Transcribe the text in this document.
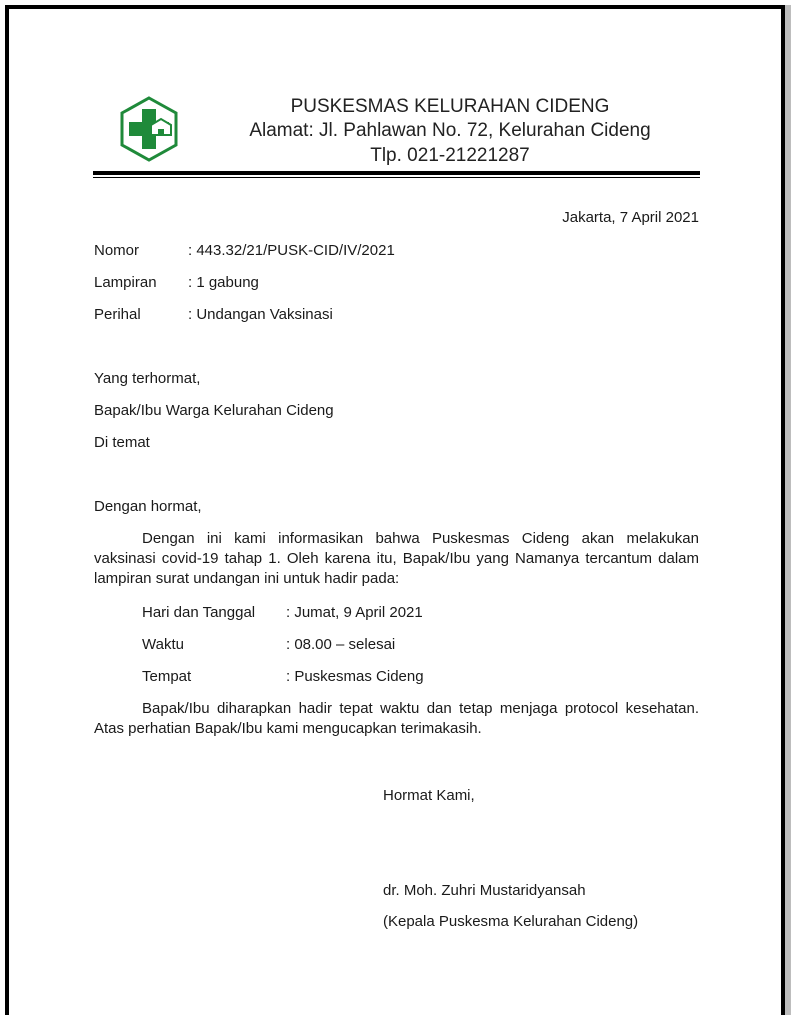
PUSKESMAS KELURAHAN CIDENG
Alamat: Jl. Pahlawan No. 72, Kelurahan Cideng
Tlp. 021-21221287
Jakarta, 7 April 2021
Nomor	: 443.32/21/PUSK-CID/IV/2021
Lampiran : 1 gabung
Perihal	: Undangan Vaksinasi
Yang terhormat,
Bapak/Ibu Warga Kelurahan Cideng
Di temat
Dengan hormat,
Dengan ini kami informasikan bahwa Puskesmas Cideng akan melakukan vaksinasi covid-19 tahap 1. Oleh karena itu, Bapak/Ibu yang Namanya tercantum dalam lampiran surat undangan ini untuk hadir pada:
Hari dan Tanggal : Jumat, 9 April 2021
Waktu	: 08.00 – selesai
Tempat	: Puskesmas Cideng
Bapak/Ibu diharapkan hadir tepat waktu dan tetap menjaga protocol kesehatan. Atas perhatian Bapak/Ibu kami mengucapkan terimakasih.
Hormat Kami,
dr. Moh. Zuhri Mustaridyansah
(Kepala Puskesma Kelurahan Cideng)
